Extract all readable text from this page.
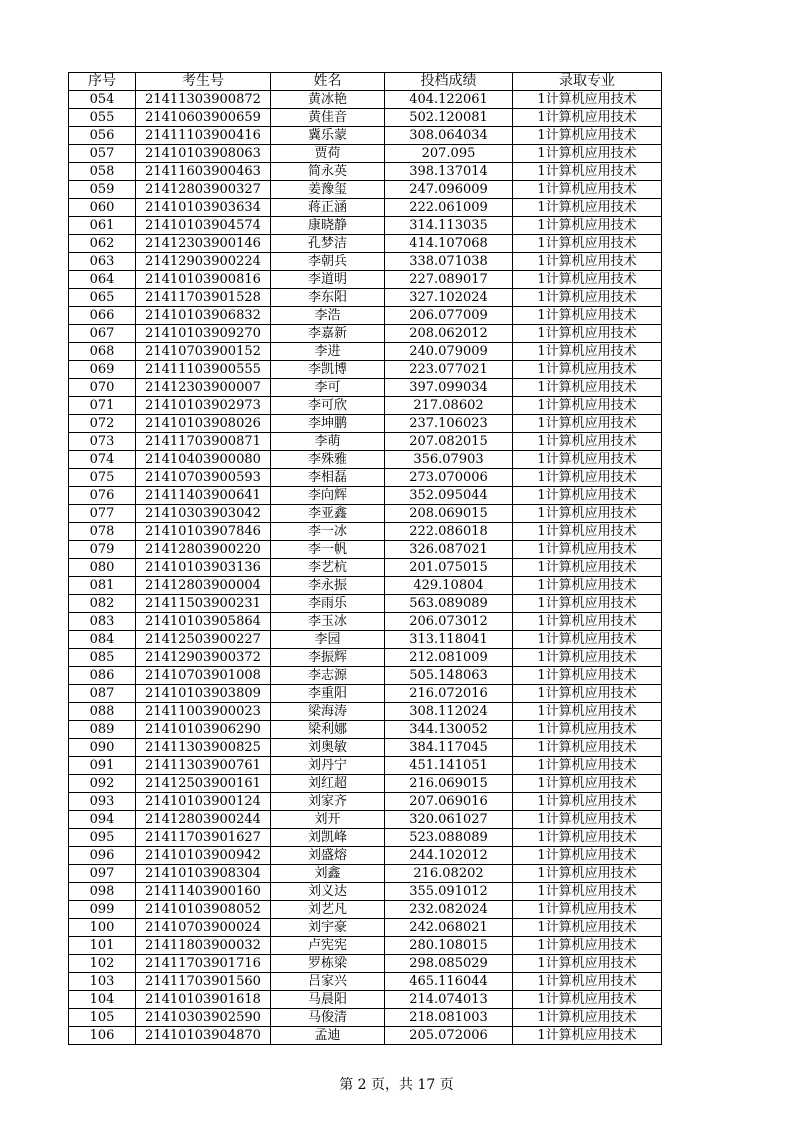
序号	考生号	姓名	投档成绩	录取专业
054	21411303900872	黄冰艳	404.122061	1计算机应用技术
055	21410603900659	黄佳音	502.120081	1计算机应用技术
056	21411103900416	冀乐蒙	308.064034	1计算机应用技术
057	21410103908063	贾荷	207.095	1计算机应用技术
058	21411603900463	简永英	398.137014	1计算机应用技术
059	21412803900327	姜豫玺	247.096009	1计算机应用技术
060	21410103903634	蒋正涵	222.061009	1计算机应用技术
061	21410103904574	康晓静	314.113035	1计算机应用技术
062	21412303900146	孔梦洁	414.107068	1计算机应用技术
063	21412903900224	李朝兵	338.071038	1计算机应用技术
064	21410103900816	李道明	227.089017	1计算机应用技术
065	21411703901528	李东阳	327.102024	1计算机应用技术
066	21410103906832	李浩	206.077009	1计算机应用技术
067	21410103909270	李嘉新	208.062012	1计算机应用技术
068	21410703900152	李进	240.079009	1计算机应用技术
069	21411103900555	李凯博	223.077021	1计算机应用技术
070	21412303900007	李可	397.099034	1计算机应用技术
071	21410103902973	李可欣	217.08602	1计算机应用技术
072	21410103908026	李坤鹏	237.106023	1计算机应用技术
073	21411703900871	李萌	207.082015	1计算机应用技术
074	21410403900080	李殊雅	356.07903	1计算机应用技术
075	21410703900593	李相磊	273.070006	1计算机应用技术
076	21411403900641	李向辉	352.095044	1计算机应用技术
077	21410303903042	李亚鑫	208.069015	1计算机应用技术
078	21410103907846	李一冰	222.086018	1计算机应用技术
079	21412803900220	李一帆	326.087021	1计算机应用技术
080	21410103903136	李艺杭	201.075015	1计算机应用技术
081	21412803900004	李永振	429.10804	1计算机应用技术
082	21411503900231	李雨乐	563.089089	1计算机应用技术
083	21410103905864	李玉冰	206.073012	1计算机应用技术
084	21412503900227	李园	313.118041	1计算机应用技术
085	21412903900372	李振辉	212.081009	1计算机应用技术
086	21410703901008	李志源	505.148063	1计算机应用技术
087	21410103903809	李重阳	216.072016	1计算机应用技术
088	21411003900023	梁海涛	308.112024	1计算机应用技术
089	21410103906290	梁利娜	344.130052	1计算机应用技术
090	21411303900825	刘奥敏	384.117045	1计算机应用技术
091	21411303900761	刘丹宁	451.141051	1计算机应用技术
092	21412503900161	刘红超	216.069015	1计算机应用技术
093	21410103900124	刘家齐	207.069016	1计算机应用技术
094	21412803900244	刘开	320.061027	1计算机应用技术
095	21411703901627	刘凯峰	523.088089	1计算机应用技术
096	21410103900942	刘盛熔	244.102012	1计算机应用技术
097	21410103908304	刘鑫	216.08202	1计算机应用技术
098	21411403900160	刘义达	355.091012	1计算机应用技术
099	21410103908052	刘艺凡	232.082024	1计算机应用技术
100	21410703900024	刘宇豪	242.068021	1计算机应用技术
101	21411803900032	卢宪宪	280.108015	1计算机应用技术
102	21411703901716	罗栋梁	298.085029	1计算机应用技术
103	21411703901560	吕家兴	465.116044	1计算机应用技术
104	21410103901618	马晨阳	214.074013	1计算机应用技术
105	21410303902590	马俊清	218.081003	1计算机应用技术
106	21410103904870	孟迪	205.072006	1计算机应用技术
第 2 页，共 17 页
